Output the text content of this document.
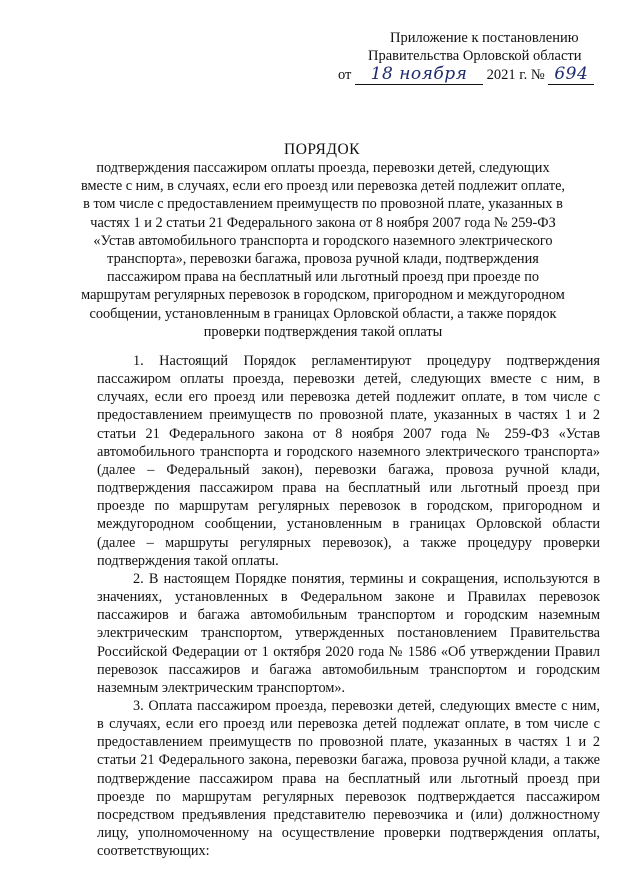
Приложение к постановлению
Правительства Орловской области
от 18 ноября 2021 г. № 694
ПОРЯДОК
подтверждения пассажиром оплаты проезда, перевозки детей, следующих вместе с ним, в случаях, если его проезд или перевозка детей подлежит оплате, в том числе с предоставлением преимуществ по провозной плате, указанных в частях 1 и 2 статьи 21 Федерального закона от 8 ноября 2007 года № 259-ФЗ «Устав автомобильного транспорта и городского наземного электрического транспорта», перевозки багажа, провоза ручной клади, подтверждения пассажиром права на бесплатный или льготный проезд при проезде по маршрутам регулярных перевозок в городском, пригородном и междугородном сообщении, установленным в границах Орловской области, а также порядок проверки подтверждения такой оплаты

1. Настоящий Порядок регламентируют процедуру подтверждения пассажиром оплаты проезда, перевозки детей, следующих вместе с ним, в случаях, если его проезд или перевозка детей подлежит оплате, в том числе с предоставлением преимуществ по провозной плате, указанных в частях 1 и 2 статьи 21 Федерального закона от 8 ноября 2007 года № 259-ФЗ «Устав автомобильного транспорта и городского наземного электрического транспорта» (далее – Федеральный закон), перевозки багажа, провоза ручной клади, подтверждения пассажиром права на бесплатный или льготный проезд при проезде по маршрутам регулярных перевозок в городском, пригородном и междугородном сообщении, установленным в границах Орловской области (далее – маршруты регулярных перевозок), а также процедуру проверки подтверждения такой оплаты.

2. В настоящем Порядке понятия, термины и сокращения, используются в значениях, установленных в Федеральном законе и Правилах перевозок пассажиров и багажа автомобильным транспортом и городским наземным электрическим транспортом, утвержденных постановлением Правительства Российской Федерации от 1 октября 2020 года № 1586 «Об утверждении Правил перевозок пассажиров и багажа автомобильным транспортом и городским наземным электрическим транспортом».

3. Оплата пассажиром проезда, перевозки детей, следующих вместе с ним, в случаях, если его проезд или перевозка детей подлежат оплате, в том числе с предоставлением преимуществ по провозной плате, указанных в частях 1 и 2 статьи 21 Федерального закона, перевозки багажа, провоза ручной клади, а также подтверждение пассажиром права на бесплатный или льготный проезд при проезде по маршрутам регулярных перевозок подтверждается пассажиром посредством предъявления представителю перевозчика и (или) должностному лицу, уполномоченному на осуществление проверки подтверждения оплаты, соответствующих:
